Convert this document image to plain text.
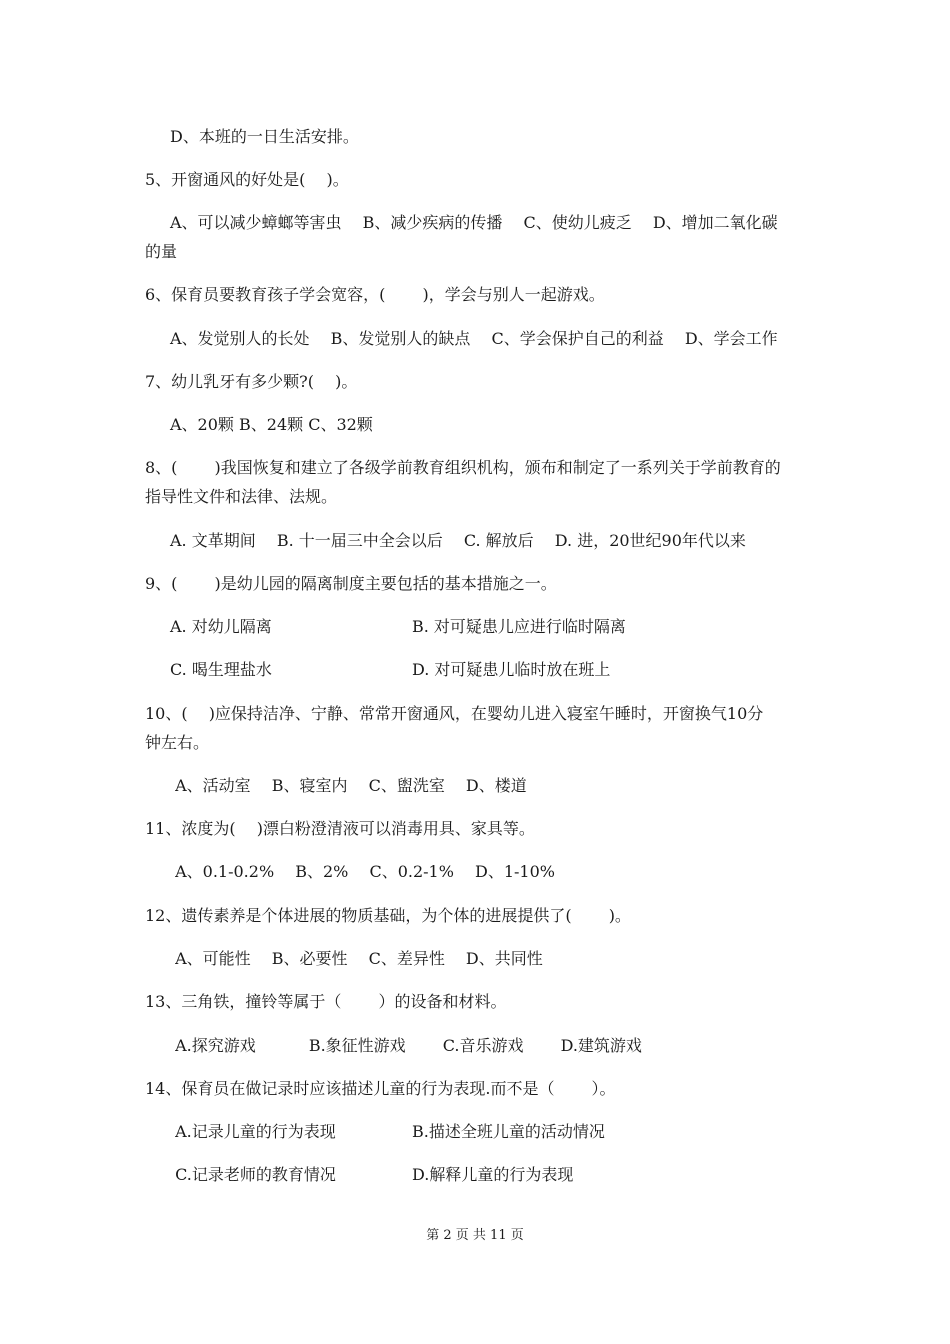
D、本班的一日生活安排。
5、开窗通风的好处是(　 )。
A、可以减少蟑螂等害虫　 B、减少疾病的传播　 C、使幼儿疲乏　 D、增加二氧化碳
的量
6、保育员要教育孩子学会宽容，(　　 )，学会与别人一起游戏。
A、发觉别人的长处　 B、发觉别人的缺点　 C、学会保护自己的利益　 D、学会工作
7、幼儿乳牙有多少颗?(　 )。
A、20颗 B、24颗 C、32颗
8、(　　 )我国恢复和建立了各级学前教育组织机构，颁布和制定了一系列关于学前教育的
指导性文件和法律、法规。
A. 文革期间　 B. 十一届三中全会以后　 C. 解放后　 D. 进，20世纪90年代以来
9、(　　 )是幼儿园的隔离制度主要包括的基本措施之一。
A. 对幼儿隔离	B. 对可疑患儿应进行临时隔离
C. 喝生理盐水	D. 对可疑患儿临时放在班上
10、(　 )应保持洁净、宁静、常常开窗通风，在婴幼儿进入寝室午睡时，开窗换气10分
钟左右。
A、活动室　 B、寝室内　 C、盥洗室　 D、楼道
11、浓度为(　 )漂白粉澄清液可以消毒用具、家具等。
A、0.1-0.2%　 B、2%　 C、0.2-1%　 D、1-10%
12、遗传素养是个体进展的物质基础，为个体的进展提供了(　　 )。
A、可能性　 B、必要性　 C、差异性　 D、共同性
13、三角铁，撞铃等属于（　　 ）的设备和材料。
A.探究游戏　　　 B.象征性游戏　　 C.音乐游戏　　 D.建筑游戏
14、保育员在做记录时应该描述儿童的行为表现.而不是（　　 ）。
A.记录儿童的行为表现	B.描述全班儿童的活动情况
C.记录老师的教育情况	D.解释儿童的行为表现
第 2 页 共 11 页
